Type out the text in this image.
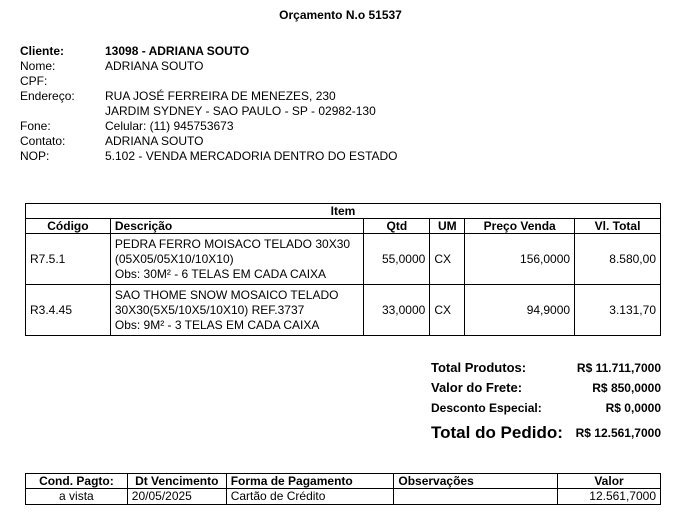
Orçamento N.o 51537
Cliente:	13098 - ADRIANA SOUTO
Nome:	ADRIANA SOUTO
CPF:
Endereço:	RUA JOSÉ FERREIRA DE MENEZES, 230
JARDIM SYDNEY - SAO PAULO - SP - 02982-130
Fone:	Celular: (11) 945753673
Contato:	ADRIANA SOUTO
NOP:	5.102 - VENDA MERCADORIA DENTRO DO ESTADO
Item					
Código	Descrição	Qtd	UM	Preço Venda	Vl. Total
R7.5.1	PEDRA FERRO MOISACO TELADO 30X30
(05X05/05X10/10X10)
Obs: 30M² - 6 TELAS EM CADA CAIXA	55,0000	CX	156,0000	8.580,00
R3.4.45	SAO THOME SNOW MOSAICO TELADO
30X30(5X5/10X5/10X10) REF.3737
Obs: 9M² - 3 TELAS EM CADA CAIXA	33,0000	CX	94,9000	3.131,70
Total Produtos:	R$ 11.711,7000
Valor do Frete:	R$ 850,0000
Desconto Especial:	R$ 0,0000
Total do Pedido: R$ 12.561,7000
Cond. Pagto:	Dt Vencimento	Forma de Pagamento	Observações	Valor
a vista	20/05/2025	Cartão de Crédito		12.561,7000
